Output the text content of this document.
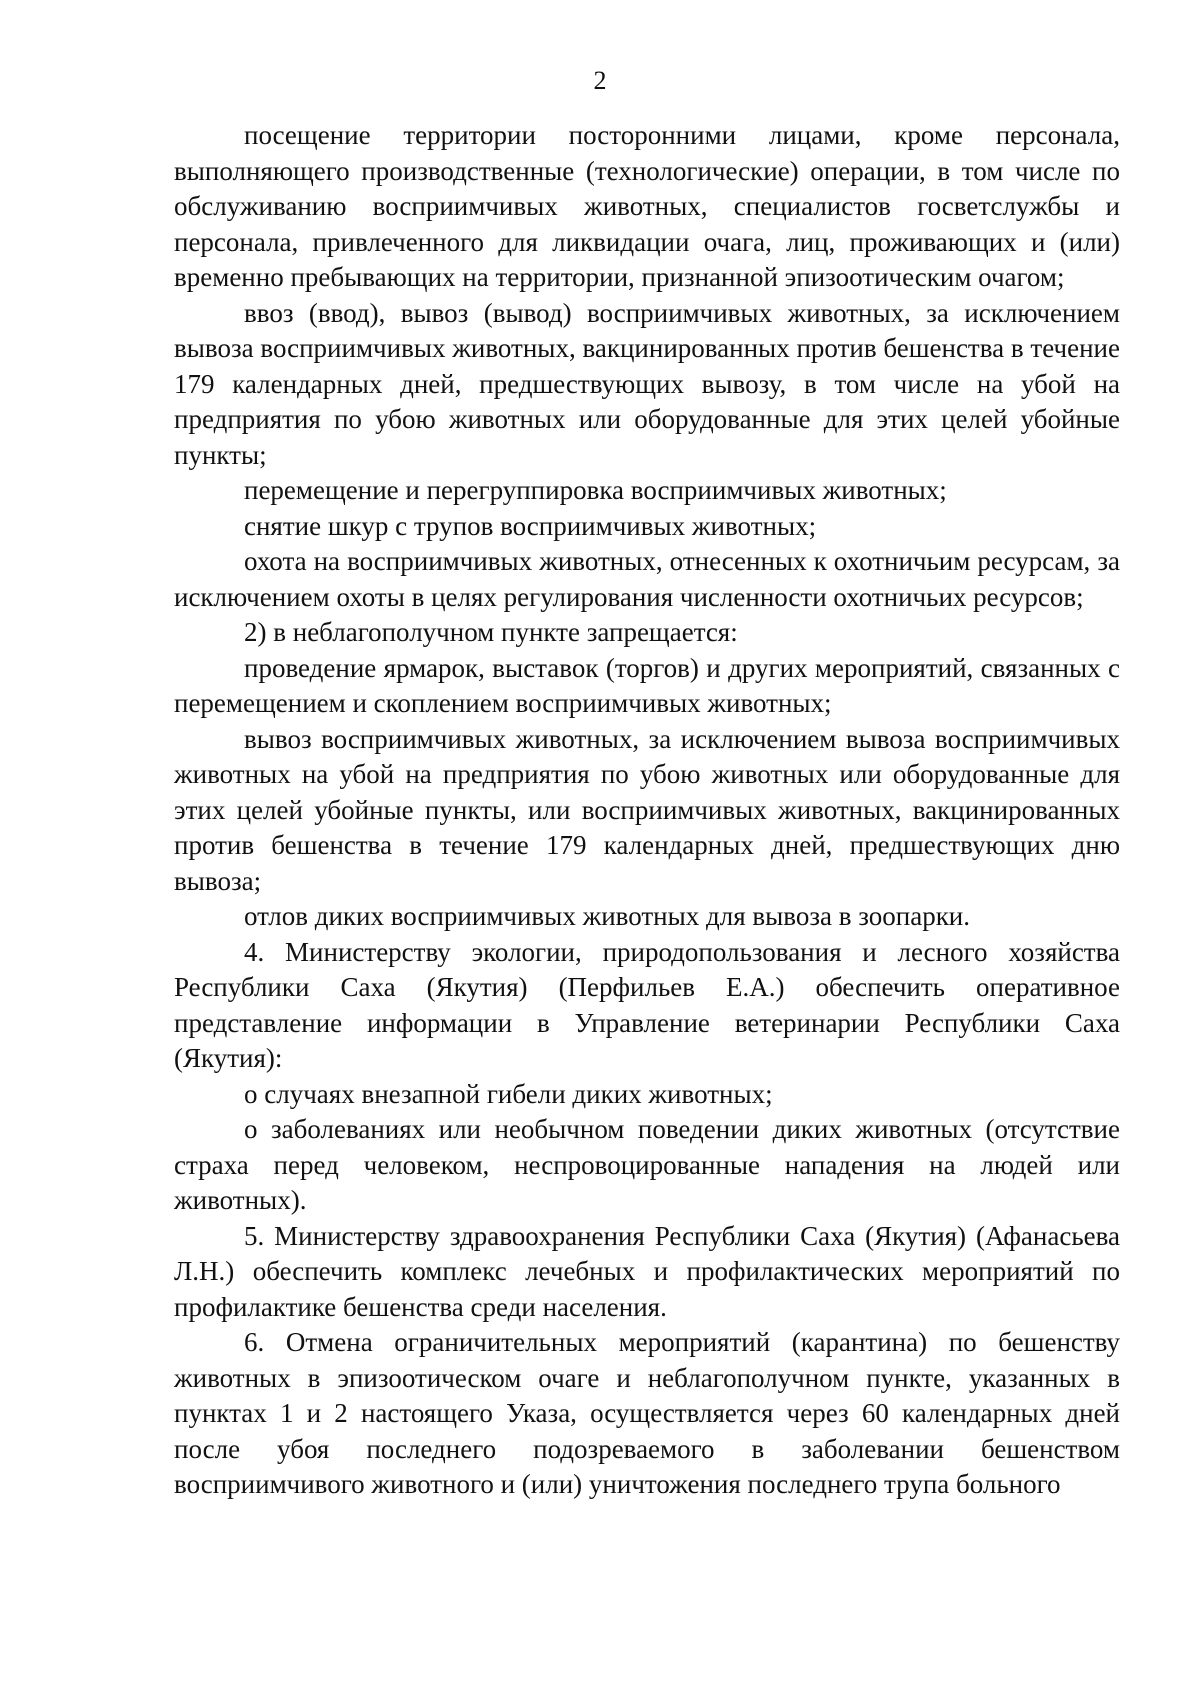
2

посещение территории посторонними лицами, кроме персонала, выполняющего производственные (технологические) операции, в том числе по обслуживанию восприимчивых животных, специалистов госветслужбы и персонала, привлеченного для ликвидации очага, лиц, проживающих и (или) временно пребывающих на территории, признанной эпизоотическим очагом;

ввоз (ввод), вывоз (вывод) восприимчивых животных, за исключением вывоза восприимчивых животных, вакцинированных против бешенства в течение 179 календарных дней, предшествующих вывозу, в том числе на убой на предприятия по убою животных или оборудованные для этих целей убойные пункты;

перемещение и перегруппировка восприимчивых животных;

снятие шкур с трупов восприимчивых животных;

охота на восприимчивых животных, отнесенных к охотничьим ресурсам, за исключением охоты в целях регулирования численности охотничьих ресурсов;

2) в неблагополучном пункте запрещается:

проведение ярмарок, выставок (торгов) и других мероприятий, связанных с перемещением и скоплением восприимчивых животных;

вывоз восприимчивых животных, за исключением вывоза восприимчивых животных на убой на предприятия по убою животных или оборудованные для этих целей убойные пункты, или восприимчивых животных, вакцинированных против бешенства в течение 179 календарных дней, предшествующих дню вывоза;

отлов диких восприимчивых животных для вывоза в зоопарки.

4. Министерству экологии, природопользования и лесного хозяйства Республики Саха (Якутия) (Перфильев Е.А.) обеспечить оперативное представление информации в Управление ветеринарии Республики Саха (Якутия):

о случаях внезапной гибели диких животных;

о заболеваниях или необычном поведении диких животных (отсутствие страха перед человеком, неспровоцированные нападения на людей или животных).

5. Министерству здравоохранения Республики Саха (Якутия) (Афанасьева Л.Н.) обеспечить комплекс лечебных и профилактических мероприятий по профилактике бешенства среди населения.

6. Отмена ограничительных мероприятий (карантина) по бешенству животных в эпизоотическом очаге и неблагополучном пункте, указанных в пунктах 1 и 2 настоящего Указа, осуществляется через 60 календарных дней после убоя последнего подозреваемого в заболевании бешенством восприимчивого животного и (или) уничтожения последнего трупа больного
